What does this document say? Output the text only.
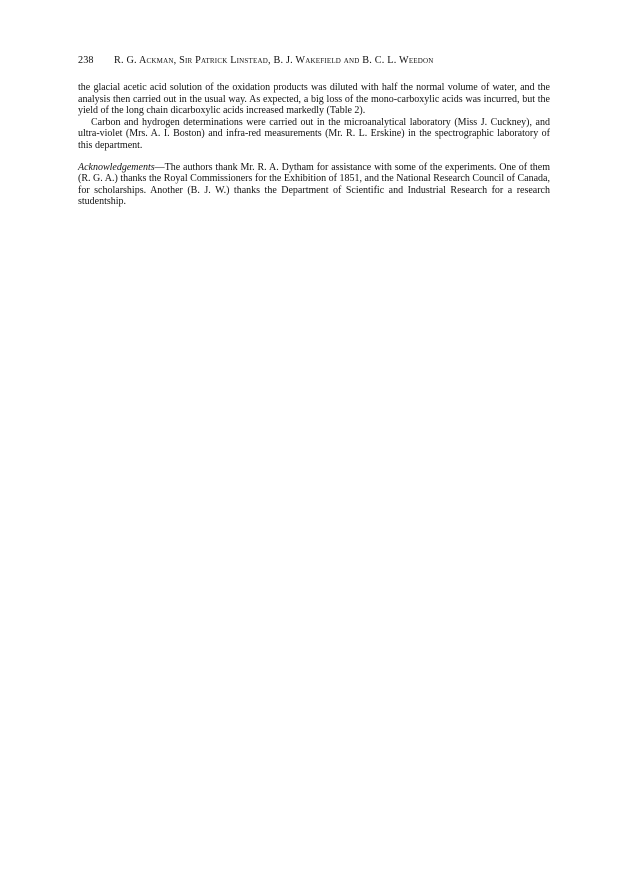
238 R. G. Ackman, Sir Patrick Linstead, B. J. Wakefield and B. C. L. Weedon

the glacial acetic acid solution of the oxidation products was diluted with half the normal volume of water, and the analysis then carried out in the usual way. As expected, a big loss of the mono-carboxylic acids was incurred, but the yield of the long chain dicarboxylic acids increased markedly (Table 2).

Carbon and hydrogen determinations were carried out in the microanalytical laboratory (Miss J. Cuckney), and ultra-violet (Mrs. A. I. Boston) and infra-red measurements (Mr. R. L. Erskine) in the spectrographic laboratory of this department.

Acknowledgements—The authors thank Mr. R. A. Dytham for assistance with some of the experiments. One of them (R. G. A.) thanks the Royal Commissioners for the Exhibition of 1851, and the National Research Council of Canada, for scholarships. Another (B. J. W.) thanks the Department of Scientific and Industrial Research for a research studentship.
